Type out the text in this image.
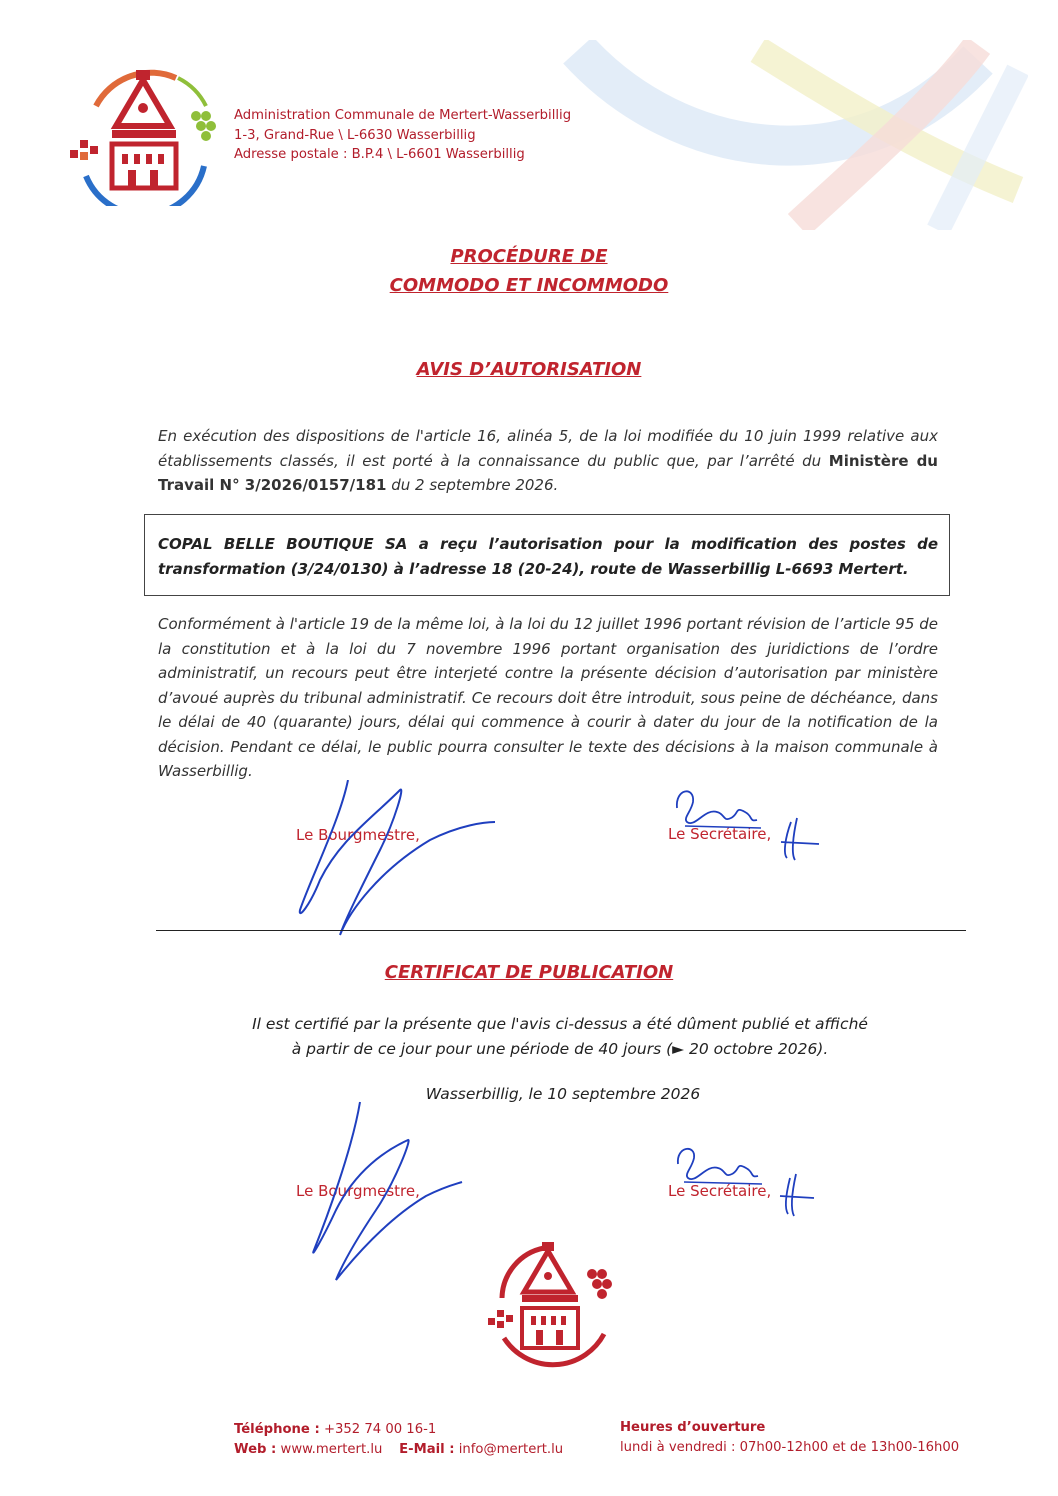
Administration Communale de Mertert-Wasserbillig
1-3, Grand-Rue \ L-6630 Wasserbillig
Adresse postale : B.P.4 \ L-6601 Wasserbillig
PROCÉDURE DE
COMMODO ET INCOMMODO
AVIS D’AUTORISATION
En exécution des dispositions de l'article 16, alinéa 5, de la loi modifiée du 10 juin 1999 relative aux établissements classés, il est porté à la connaissance du public que, par l’arrêté du Ministère du Travail N° 3/2026/0157/181 du 2 septembre 2026.
COPAL BELLE BOUTIQUE SA a reçu l’autorisation pour la modification des postes de transformation (3/24/0130) à l’adresse 18 (20-24), route de Wasserbillig L-6693 Mertert.
Conformément à l'article 19 de la même loi, à la loi du 12 juillet 1996 portant révision de l’article 95 de la constitution et à la loi du 7 novembre 1996 portant organisation des juridictions de l’ordre administratif, un recours peut être interjeté contre la présente décision d’autorisation par ministère d’avoué auprès du tribunal administratif. Ce recours doit être introduit, sous peine de déchéance, dans le délai de 40 (quarante) jours, délai qui commence à courir à dater du jour de la notification de la décision. Pendant ce délai, le public pourra consulter le texte des décisions à la maison communale à Wasserbillig.
Le Bourgmestre,	Le Secrétaire,
CERTIFICAT DE PUBLICATION
Il est certifié par la présente que l'avis ci-dessus a été dûment publié et affiché
à partir de ce jour pour une période de 40 jours (► 20 octobre 2026).
Wasserbillig, le 10 septembre 2026
Le Bourgmestre,	Le Secrétaire,
Téléphone : +352 74 00 16-1
Web : www.mertert.lu E-Mail : info@mertert.lu
Heures d’ouverture
lundi à vendredi : 07h00-12h00 et de 13h00-16h00
